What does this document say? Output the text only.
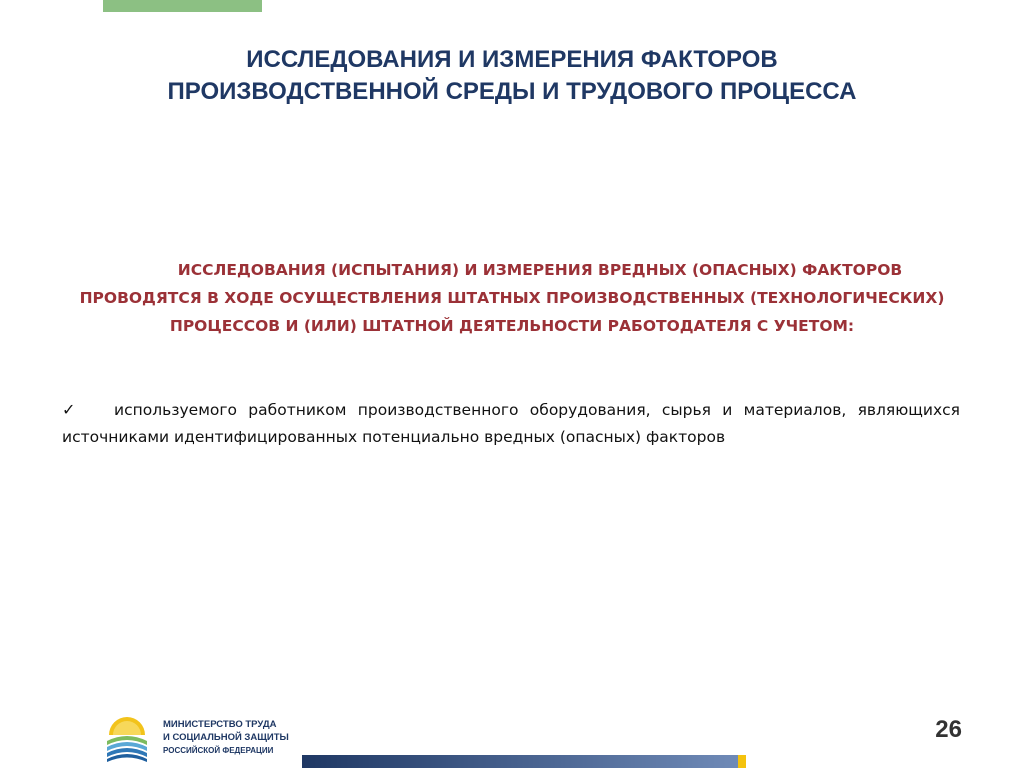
ИССЛЕДОВАНИЯ И ИЗМЕРЕНИЯ ФАКТОРОВ
ПРОИЗВОДСТВЕННОЙ СРЕДЫ И ТРУДОВОГО ПРОЦЕССА
ИССЛЕДОВАНИЯ (ИСПЫТАНИЯ) И ИЗМЕРЕНИЯ ВРЕДНЫХ (ОПАСНЫХ) ФАКТОРОВ ПРОВОДЯТСЯ В ХОДЕ ОСУЩЕСТВЛЕНИЯ ШТАТНЫХ ПРОИЗВОДСТВЕННЫХ (ТЕХНОЛОГИЧЕСКИХ) ПРОЦЕССОВ И (ИЛИ) ШТАТНОЙ ДЕЯТЕЛЬНОСТИ РАБОТОДАТЕЛЯ С УЧЕТОМ:
✓ используемого работником производственного оборудования, сырья и материалов, являющихся источниками идентифицированных потенциально вредных (опасных) факторов
МИНИСТЕРСТВО ТРУДА
И СОЦИАЛЬНОЙ ЗАЩИТЫ
РОССИЙСКОЙ ФЕДЕРАЦИИ
26
